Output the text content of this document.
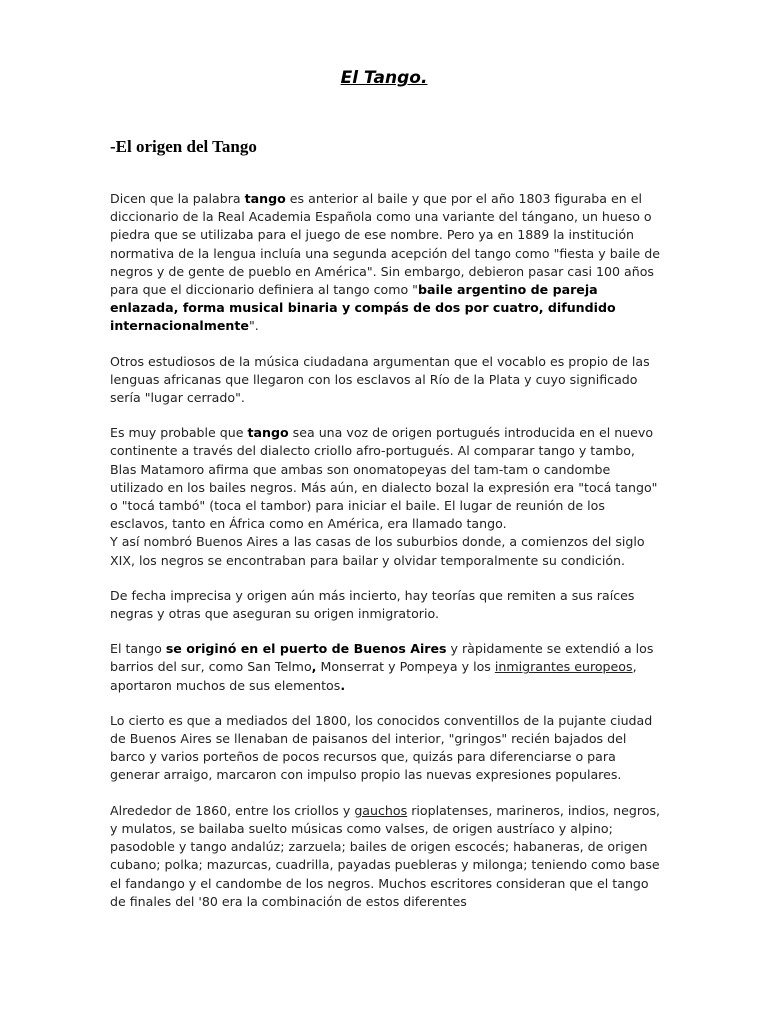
El Tango.
-El origen del Tango

Dicen que la palabra tango es anterior al baile y que por el año 1803 figuraba en el diccionario de la Real Academia Española como una variante del tángano, un hueso o piedra que se utilizaba para el juego de ese nombre. Pero ya en 1889 la institución normativa de la lengua incluía una segunda acepción del tango como "fiesta y baile de negros y de gente de pueblo en América". Sin embargo, debieron pasar casi 100 años para que el diccionario definiera al tango como "baile argentino de pareja enlazada, forma musical binaria y compás de dos por cuatro, difundido internacionalmente".

Otros estudiosos de la música ciudadana argumentan que el vocablo es propio de las lenguas africanas que llegaron con los esclavos al Río de la Plata y cuyo significado sería "lugar cerrado".

Es muy probable que tango sea una voz de origen portugués introducida en el nuevo continente a través del dialecto criollo afro-portugués. Al comparar tango y tambo, Blas Matamoro afirma que ambas son onomatopeyas del tam-tam o candombe utilizado en los bailes negros. Más aún, en dialecto bozal la expresión era "tocá tango" o "tocá tambó" (toca el tambor) para iniciar el baile. El lugar de reunión de los esclavos, tanto en África como en América, era llamado tango.
Y así nombró Buenos Aires a las casas de los suburbios donde, a comienzos del siglo XIX, los negros se encontraban para bailar y olvidar temporalmente su condición.

De fecha imprecisa y origen aún más incierto, hay teorías que remiten a sus raíces negras y otras que aseguran su origen inmigratorio.

El tango se originó en el puerto de Buenos Aires y ràpidamente se extendió a los barrios del sur, como San Telmo, Monserrat y Pompeya y los inmigrantes europeos, aportaron muchos de sus elementos.

Lo cierto es que a mediados del 1800, los conocidos conventillos de la pujante ciudad de Buenos Aires se llenaban de paisanos del interior, "gringos" recién bajados del barco y varios porteños de pocos recursos que, quizás para diferenciarse o para generar arraigo, marcaron con impulso propio las nuevas expresiones populares.

Alrededor de 1860, entre los criollos y gauchos rioplatenses, marineros, indios, negros, y mulatos, se bailaba suelto músicas como valses, de origen austríaco y alpino; pasodoble y tango andalúz; zarzuela; bailes de origen escocés; habaneras, de origen cubano; polka; mazurcas, cuadrilla, payadas puebleras y milonga; teniendo como base el fandango y el candombe de los negros. Muchos escritores consideran que el tango de finales del '80 era la combinación de estos diferentes
